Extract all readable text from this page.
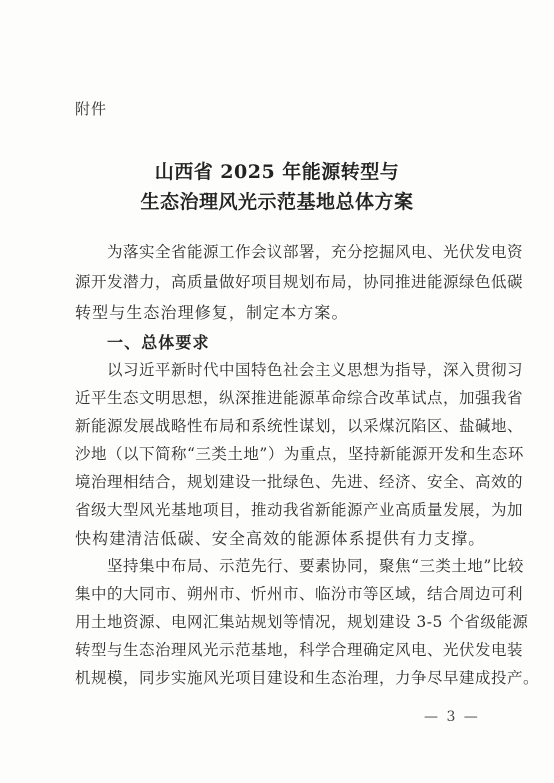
附件
山西省 2025 年能源转型与
生态治理风光示范基地总体方案
为落实全省能源工作会议部署，充分挖掘风电、光伏发电资
源开发潜力，高质量做好项目规划布局，协同推进能源绿色低碳
转型与生态治理修复，制定本方案。
一、总体要求
以习近平新时代中国特色社会主义思想为指导，深入贯彻习
近平生态文明思想，纵深推进能源革命综合改革试点，加强我省
新能源发展战略性布局和系统性谋划，以采煤沉陷区、盐碱地、
沙地（以下简称“三类土地”）为重点，坚持新能源开发和生态环
境治理相结合，规划建设一批绿色、先进、经济、安全、高效的
省级大型风光基地项目，推动我省新能源产业高质量发展，为加
快构建清洁低碳、安全高效的能源体系提供有力支撑。
坚持集中布局、示范先行、要素协同，聚焦“三类土地”比较
集中的大同市、朔州市、忻州市、临汾市等区域，结合周边可利
用土地资源、电网汇集站规划等情况，规划建设 3-5 个省级能源
转型与生态治理风光示范基地，科学合理确定风电、光伏发电装
机规模，同步实施风光项目建设和生态治理，力争尽早建成投产。
— 3 —
